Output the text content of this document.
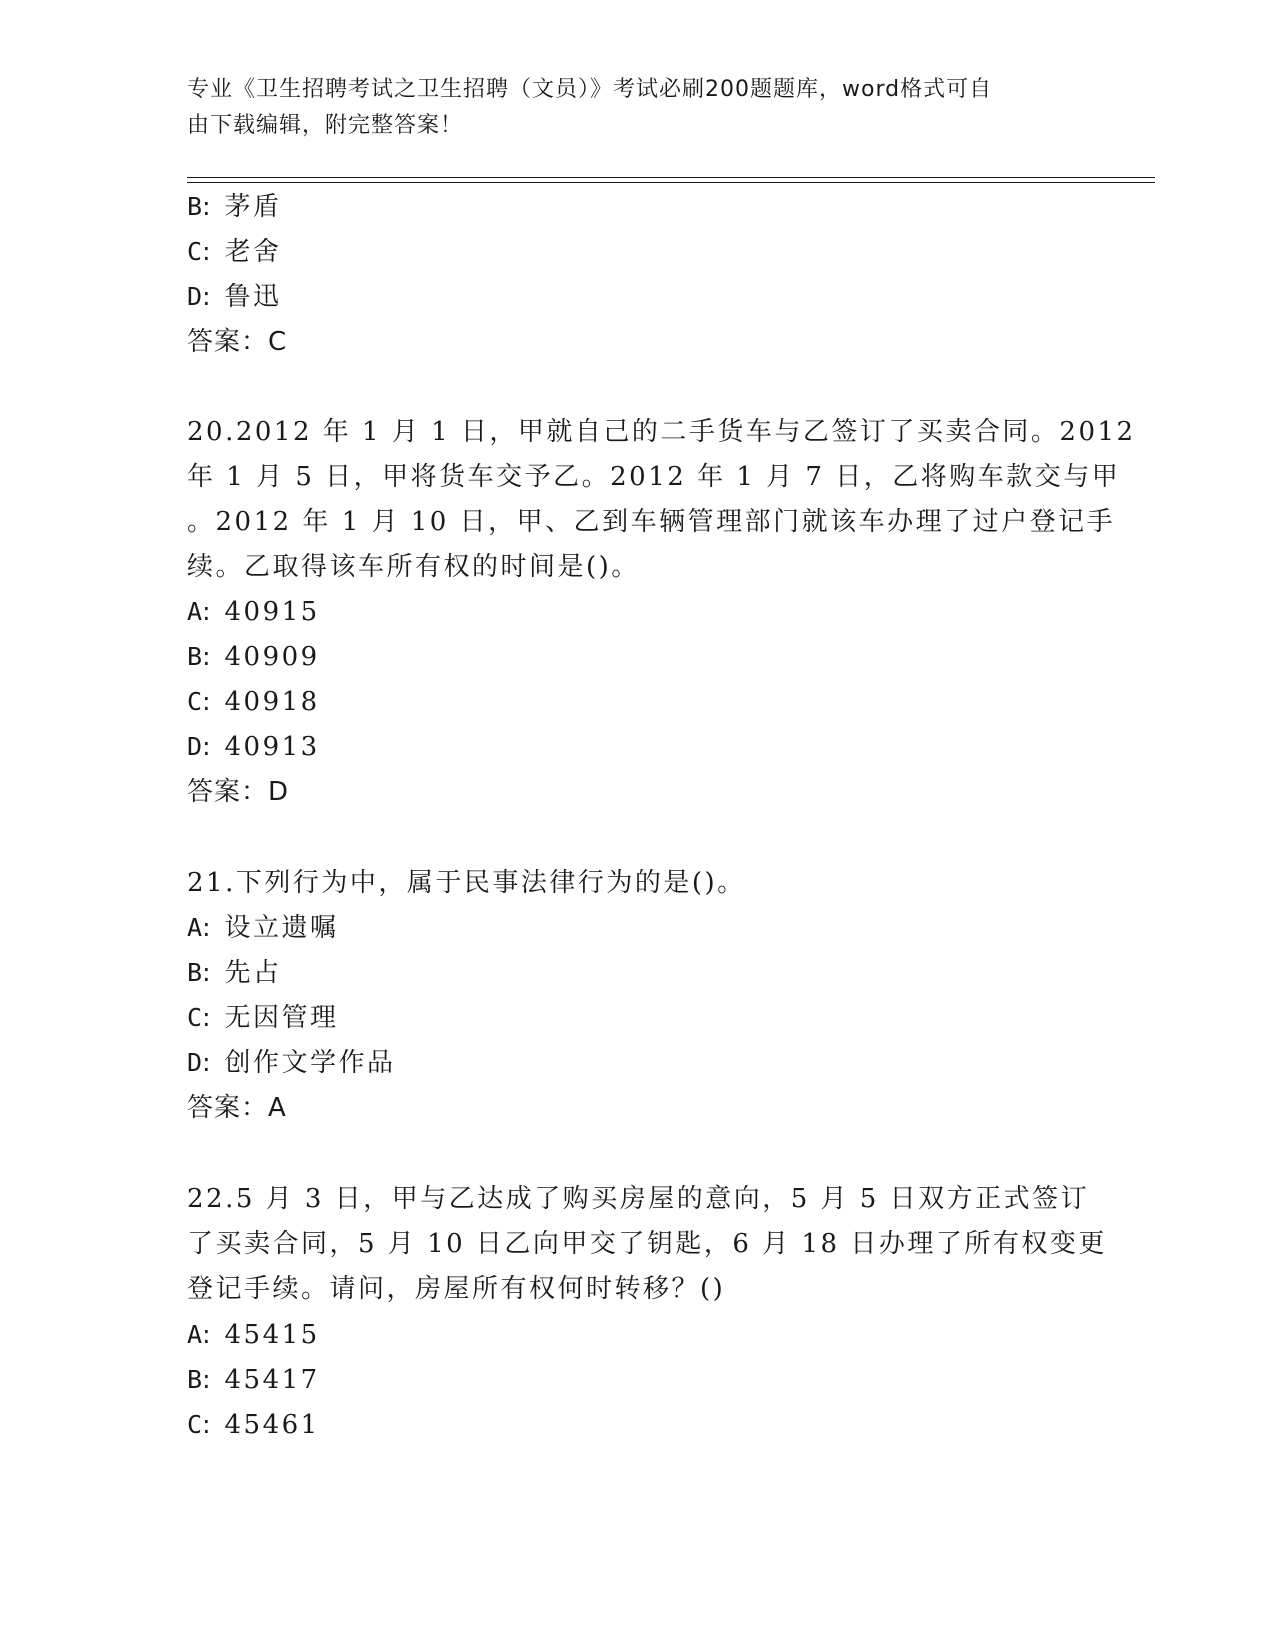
专业《卫生招聘考试之卫生招聘（文员）》考试必刷200题题库，word格式可自
由下载编辑，附完整答案！
B: 茅盾
C: 老舍
D: 鲁迅
答案：C
20.2012 年 1 月 1 日，甲就自己的二手货车与乙签订了买卖合同。2012
年 1 月 5 日，甲将货车交予乙。2012 年 1 月 7 日，乙将购车款交与甲
。2012 年 1 月 10 日，甲、乙到车辆管理部门就该车办理了过户登记手
续。乙取得该车所有权的时间是()。
A: 40915
B: 40909
C: 40918
D: 40913
答案：D
21.下列行为中，属于民事法律行为的是()。
A: 设立遗嘱
B: 先占
C: 无因管理
D: 创作文学作品
答案：A
22.5 月 3 日，甲与乙达成了购买房屋的意向，5 月 5 日双方正式签订
了买卖合同，5 月 10 日乙向甲交了钥匙，6 月 18 日办理了所有权变更
登记手续。请问，房屋所有权何时转移？()
A: 45415
B: 45417
C: 45461
